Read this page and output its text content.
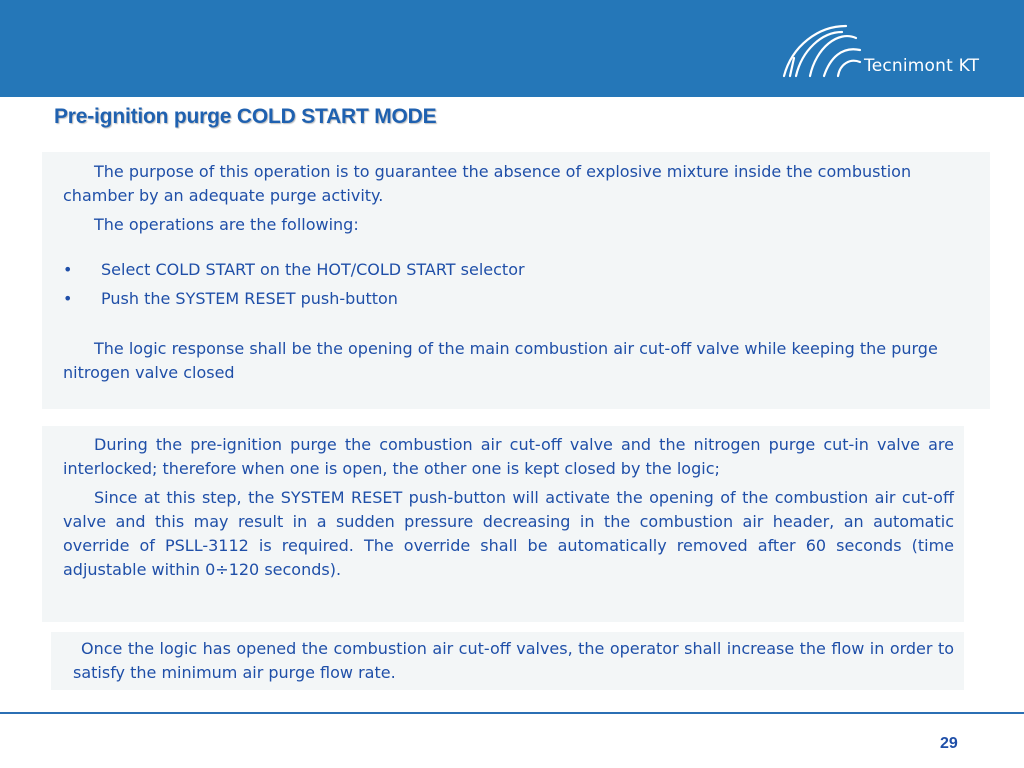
Tecnimont KT
Pre-ignition purge COLD START MODE

The purpose of this operation is to guarantee the absence of explosive mixture inside the combustion chamber by an adequate purge activity.

The operations are the following:

• Select COLD START on the HOT/COLD START selector
• Push the SYSTEM RESET push-button

The logic response shall be the opening of the main combustion air cut-off valve while keeping the purge nitrogen valve closed

During the pre-ignition purge the combustion air cut-off valve and the nitrogen purge cut-in valve are interlocked; therefore when one is open, the other one is kept closed by the logic;

Since at this step, the SYSTEM RESET push-button will activate the opening of the combustion air cut-off valve and this may result in a sudden pressure decreasing in the combustion air header, an automatic override of PSLL-3112 is required. The override shall be automatically removed after 60 seconds (time adjustable within 0÷120 seconds).

Once the logic has opened the combustion air cut-off valves, the operator shall increase the flow in order to satisfy the minimum air purge flow rate.

29
